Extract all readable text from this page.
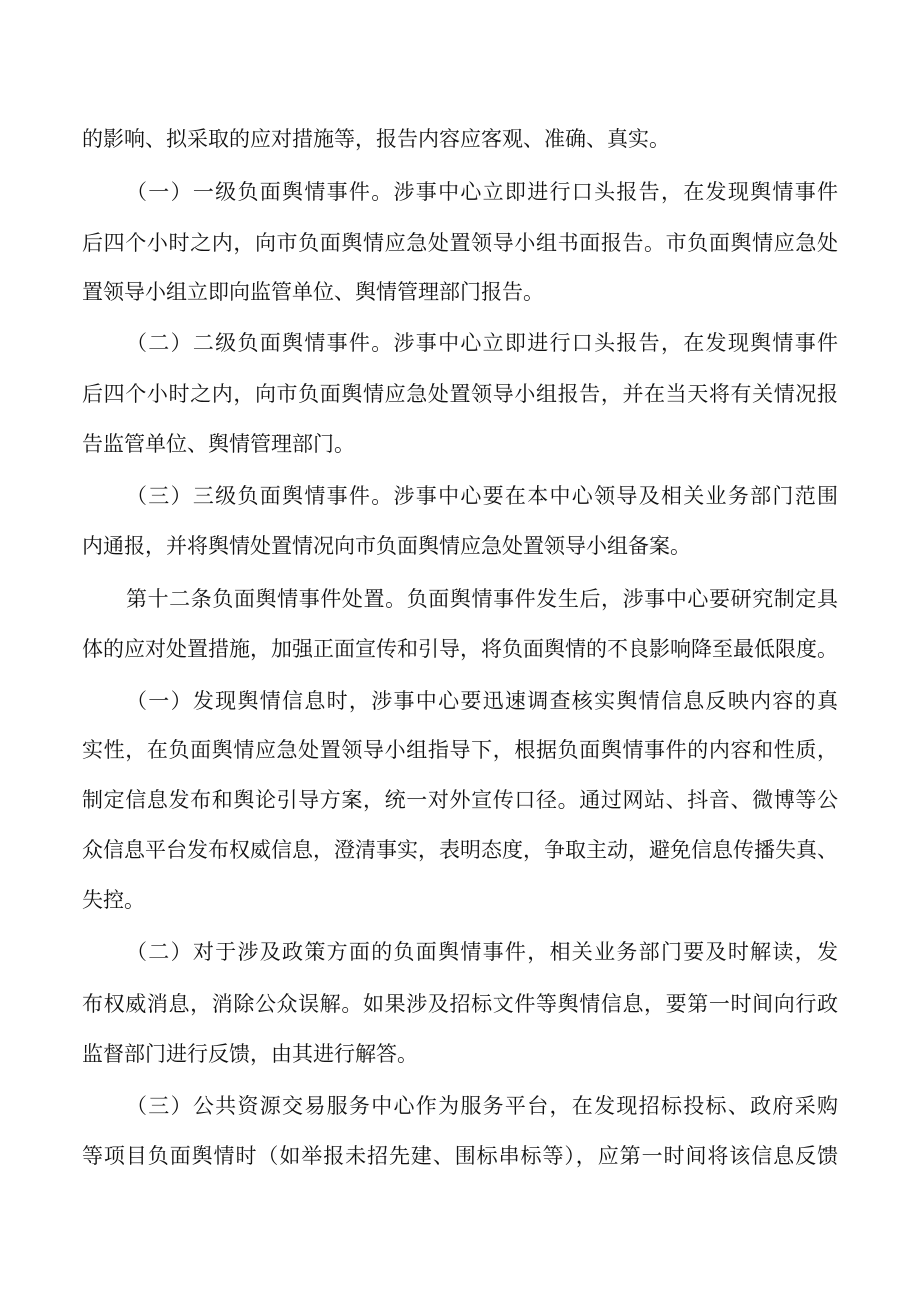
的影响、拟采取的应对措施等，报告内容应客观、准确、真实。
（一）一级负面舆情事件。涉事中心立即进行口头报告，在发现舆情事件
后四个小时之内，向市负面舆情应急处置领导小组书面报告。市负面舆情应急处
置领导小组立即向监管单位、舆情管理部门报告。
（二）二级负面舆情事件。涉事中心立即进行口头报告，在发现舆情事件
后四个小时之内，向市负面舆情应急处置领导小组报告，并在当天将有关情况报
告监管单位、舆情管理部门。
（三）三级负面舆情事件。涉事中心要在本中心领导及相关业务部门范围
内通报，并将舆情处置情况向市负面舆情应急处置领导小组备案。
第十二条负面舆情事件处置。负面舆情事件发生后，涉事中心要研究制定具
体的应对处置措施，加强正面宣传和引导，将负面舆情的不良影响降至最低限度。
（一）发现舆情信息时，涉事中心要迅速调查核实舆情信息反映内容的真
实性，在负面舆情应急处置领导小组指导下，根据负面舆情事件的内容和性质，
制定信息发布和舆论引导方案，统一对外宣传口径。通过网站、抖音、微博等公
众信息平台发布权威信息，澄清事实，表明态度，争取主动，避免信息传播失真、
失控。
（二）对于涉及政策方面的负面舆情事件，相关业务部门要及时解读，发
布权威消息，消除公众误解。如果涉及招标文件等舆情信息，要第一时间向行政
监督部门进行反馈，由其进行解答。
（三）公共资源交易服务中心作为服务平台，在发现招标投标、政府采购
等项目负面舆情时（如举报未招先建、围标串标等），应第一时间将该信息反馈
